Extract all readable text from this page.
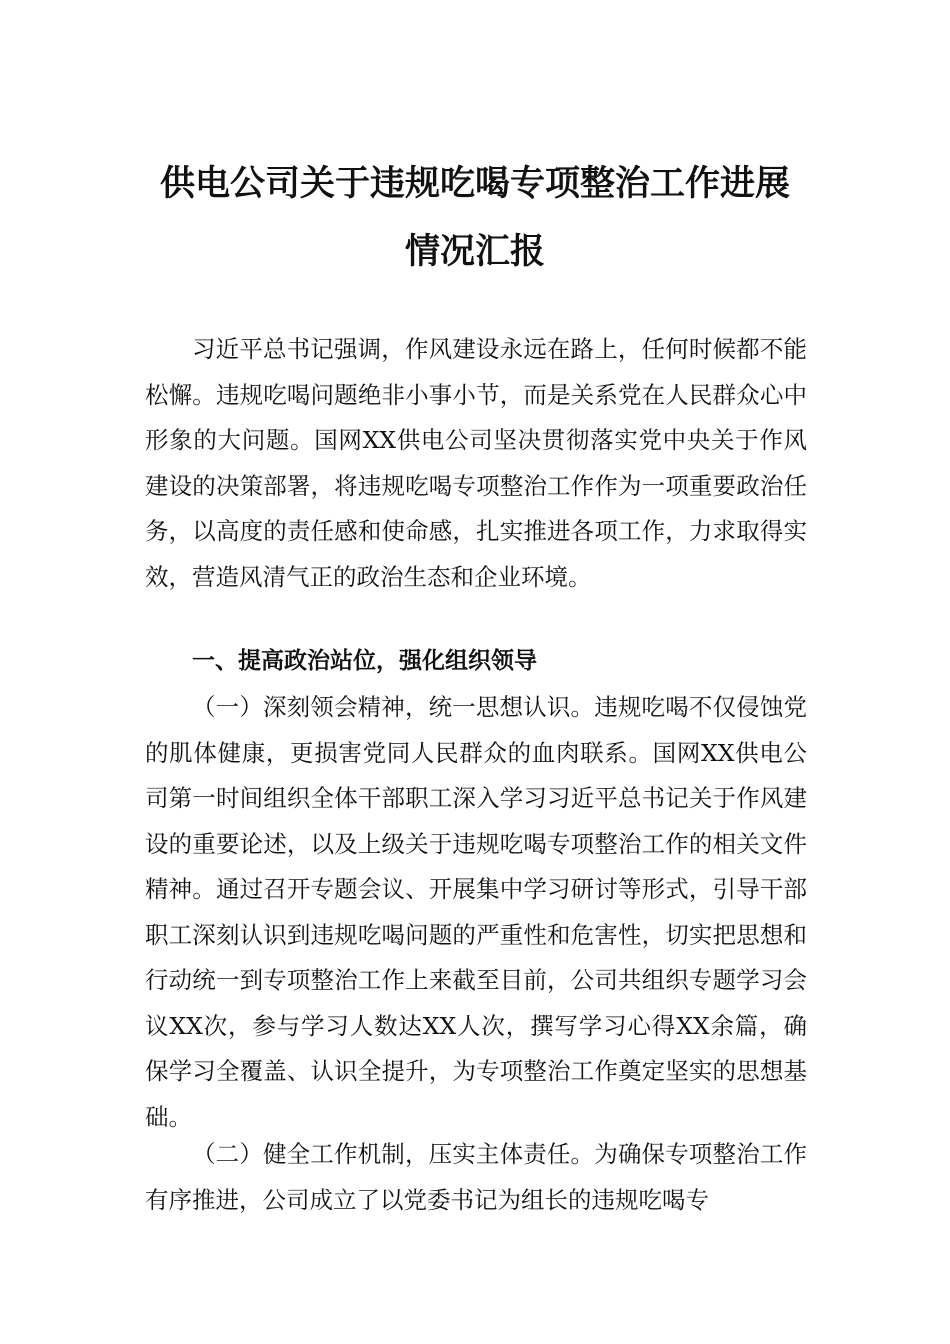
供电公司关于违规吃喝专项整治工作进展
情况汇报

习近平总书记强调，作风建设永远在路上，任何时候都不能松懈。违规吃喝问题绝非小事小节，而是关系党在人民群众心中形象的大问题。国网XX供电公司坚决贯彻落实党中央关于作风建设的决策部署，将违规吃喝专项整治工作作为一项重要政治任务，以高度的责任感和使命感，扎实推进各项工作，力求取得实效，营造风清气正的政治生态和企业环境。

一、提高政治站位，强化组织领导

（一）深刻领会精神，统一思想认识。违规吃喝不仅侵蚀党的肌体健康，更损害党同人民群众的血肉联系。国网XX供电公司第一时间组织全体干部职工深入学习习近平总书记关于作风建设的重要论述，以及上级关于违规吃喝专项整治工作的相关文件精神。通过召开专题会议、开展集中学习研讨等形式，引导干部职工深刻认识到违规吃喝问题的严重性和危害性，切实把思想和行动统一到专项整治工作上来截至目前，公司共组织专题学习会议XX次，参与学习人数达XX人次，撰写学习心得XX余篇，确保学习全覆盖、认识全提升，为专项整治工作奠定坚实的思想基础。

（二）健全工作机制，压实主体责任。为确保专项整治工作有序推进，公司成立了以党委书记为组长的违规吃喝专
